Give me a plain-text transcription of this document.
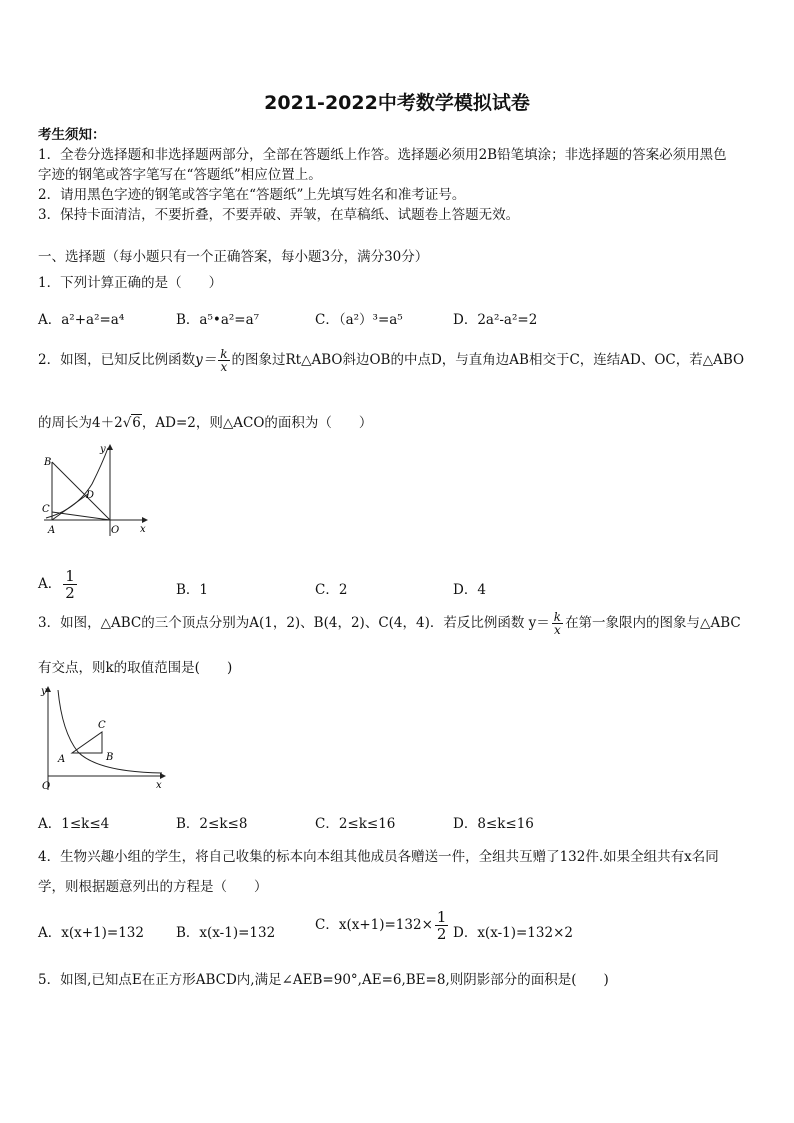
2021-2022中考数学模拟试卷
考生须知：
1．全卷分选择题和非选择题两部分，全部在答题纸上作答。选择题必须用2B铅笔填涂；非选择题的答案必须用黑色
字迹的钢笔或答字笔写在“答题纸”相应位置上。
2．请用黑色字迹的钢笔或答字笔在“答题纸”上先填写姓名和准考证号。
3．保持卡面清洁，不要折叠，不要弄破、弄皱，在草稿纸、试题卷上答题无效。
一、选择题（每小题只有一个正确答案，每小题3分，满分30分）
1．下列计算正确的是（　　）
A．a²+a²=a⁴	B．a⁵•a²=a⁷	C．（a²）³=a⁵	D．2a²-a²=2
2．如图，已知反比例函数$y= \frac{k}{x}$ 的图象过Rt△ABO斜边OB的中点D，与直角边AB相交于C，连结AD、OC，若△ABO
的周长为4＋2√6，AD=2，则△ACO的面积为（　　）
B
C
D
A	O x
y
A． $\frac{1}{2}$	B．1	C．2	D．4
3．如图，△ABC的三个顶点分别为A(1，2)、B(4，2)、C(4，4)．若反比例函数 $y= \frac{k}{x}$ 在第一象限内的图象与△ABC
有交点，则k的取值范围是(　　)
y
C
A	B
O	x
A．1≤k≤4	B．2≤k≤8	C．2≤k≤16	D．8≤k≤16
4．生物兴趣小组的学生，将自己收集的标本向本组其他成员各赠送一件，全组共互赠了132件.如果全组共有x名同
学，则根据题意列出的方程是（　　）
A．x(x+1)=132 B．x(x-1)=132	C．$x(x+1)=132\times \frac{1}{2}$ D．x(x-1)=132×2
5．如图,已知点E在正方形ABCD内,满足∠AEB=90°,AE=6,BE=8,则阴影部分的面积是(　　)
